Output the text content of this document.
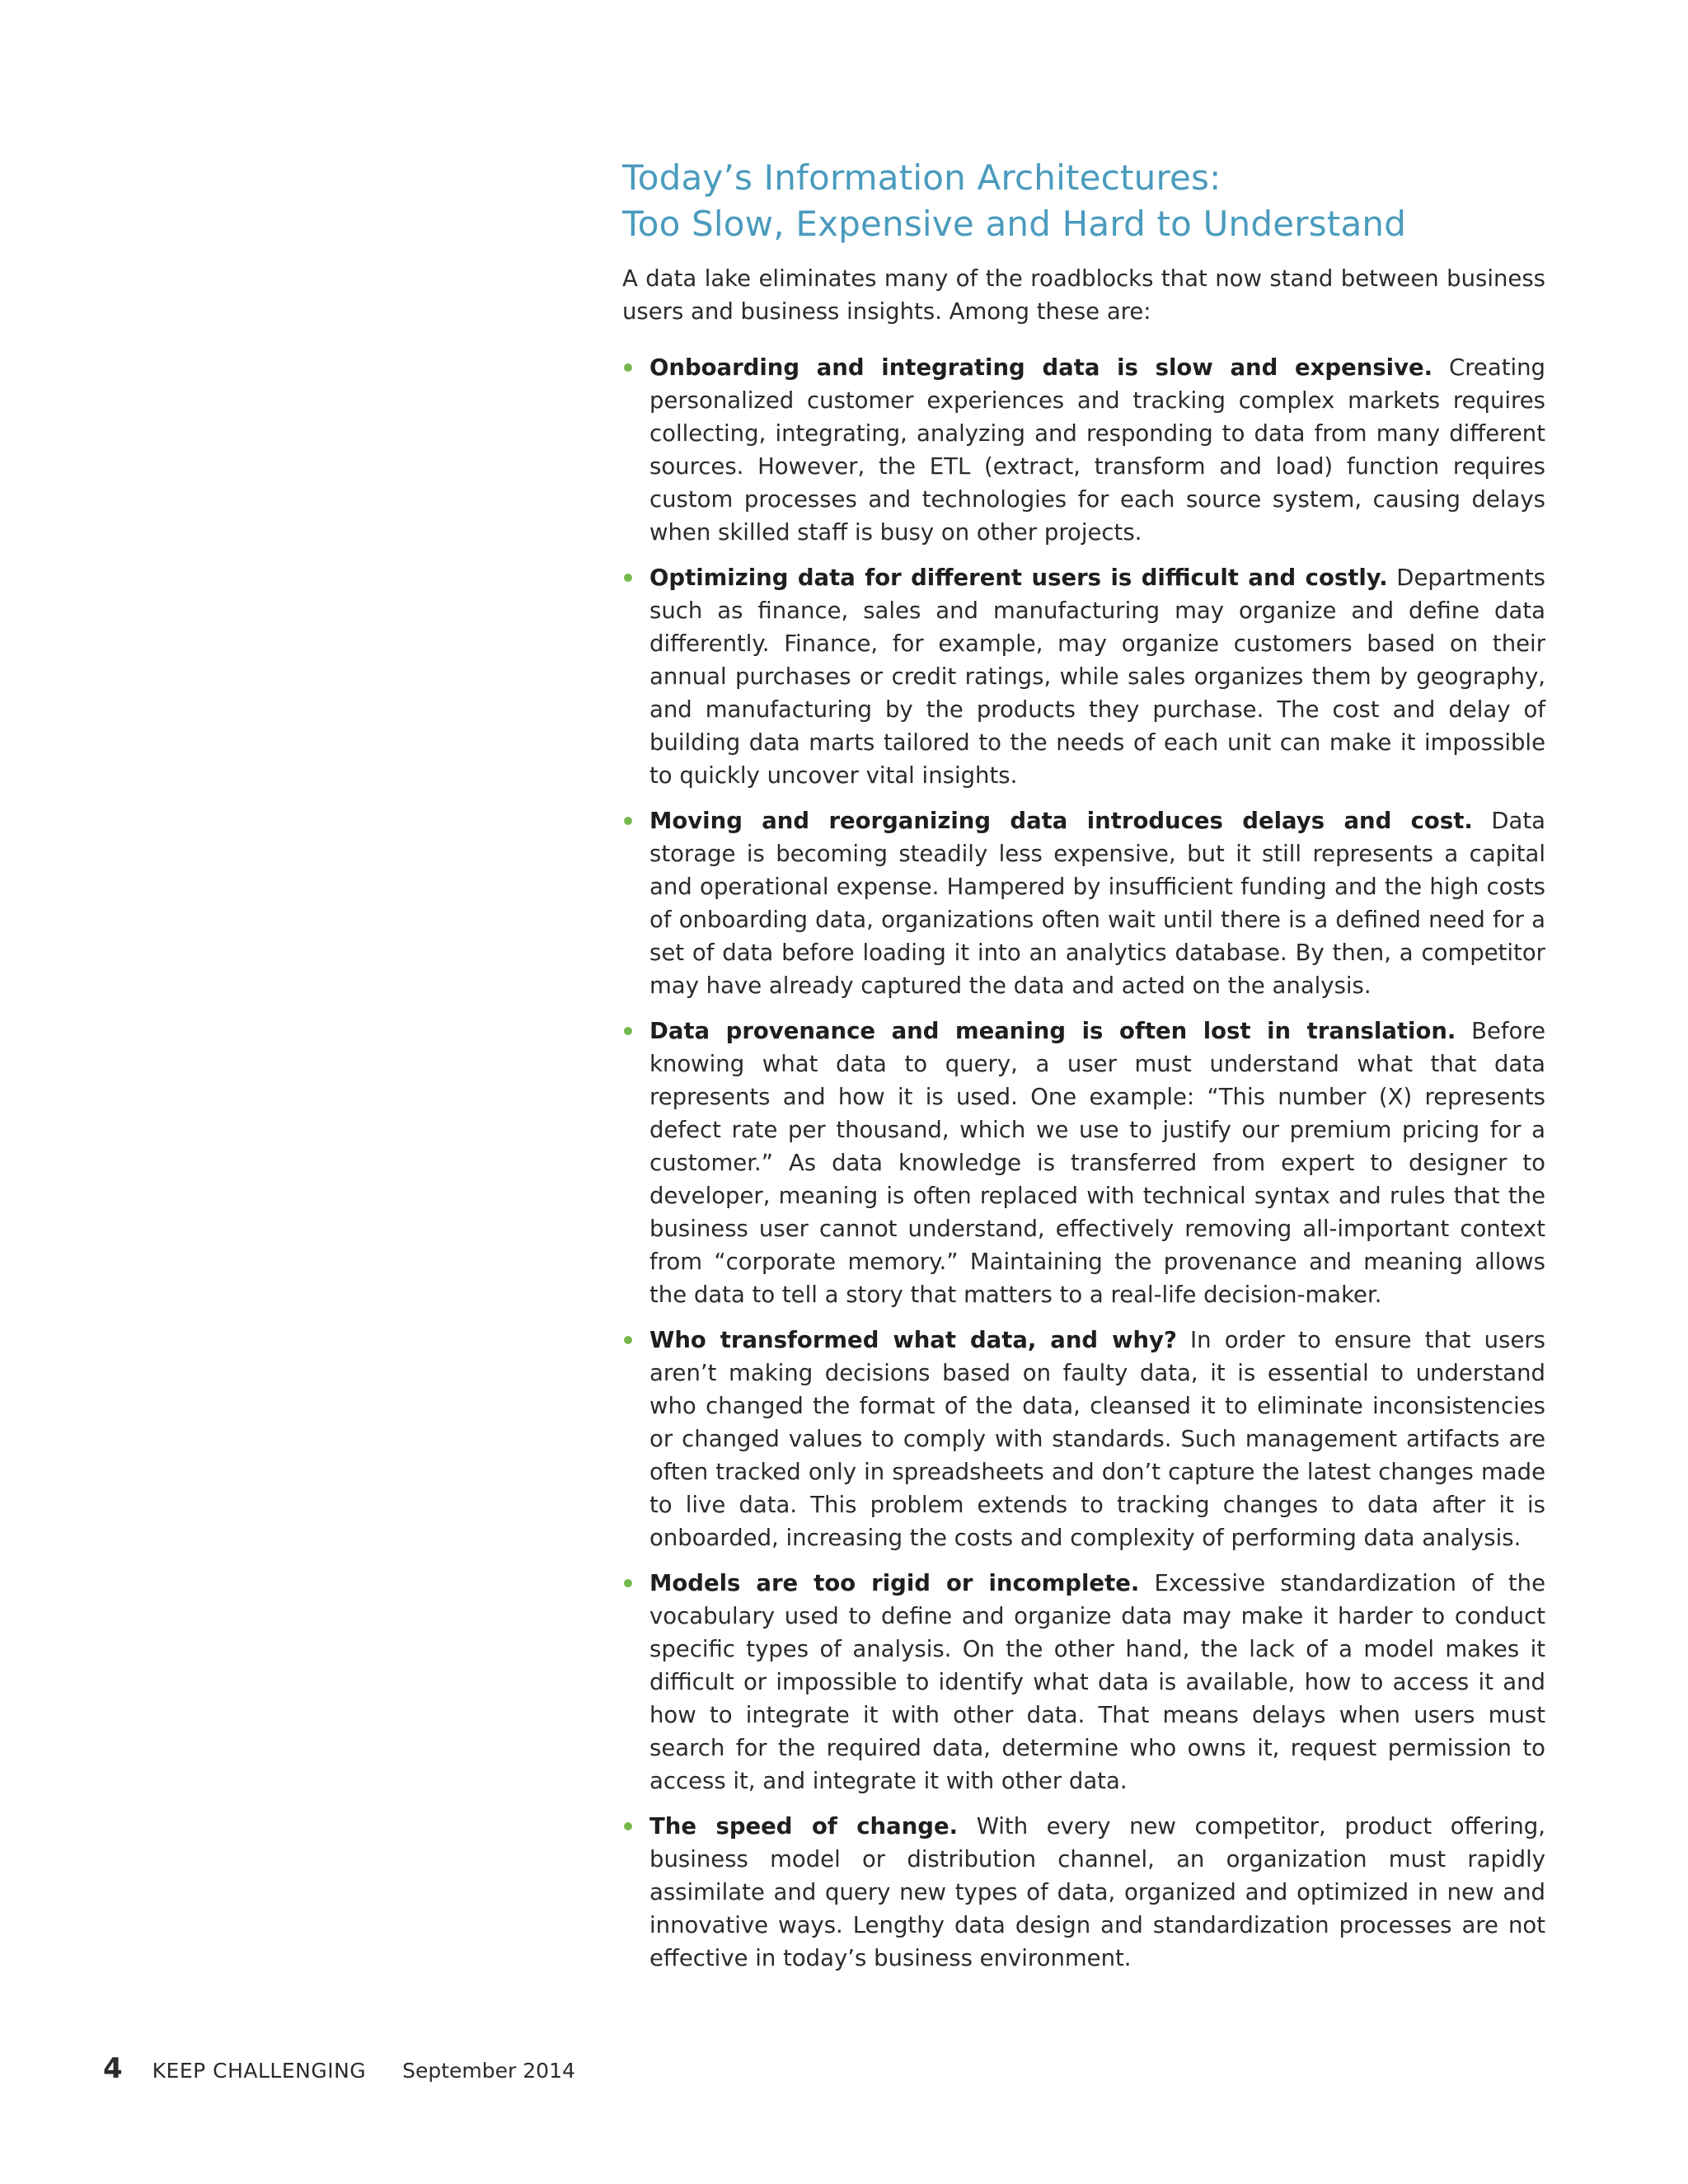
Today’s Information Architectures:
Too Slow, Expensive and Hard to Understand

A data lake eliminates many of the roadblocks that now stand between business users and business insights. Among these are:

Onboarding and integrating data is slow and expensive. Creating personalized customer experiences and tracking complex markets requires collecting, integrating, analyzing and responding to data from many different sources. However, the ETL (extract, transform and load) function requires custom processes and technologies for each source system, causing delays when skilled staff is busy on other projects.
Optimizing data for different users is difficult and costly. Departments such as finance, sales and manufacturing may organize and define data differently. Finance, for example, may organize customers based on their annual purchases or credit ratings, while sales organizes them by geography, and manufacturing by the products they purchase. The cost and delay of building data marts tailored to the needs of each unit can make it impossible to quickly uncover vital insights.
Moving and reorganizing data introduces delays and cost. Data storage is becoming steadily less expensive, but it still represents a capital and operational expense. Hampered by insufficient funding and the high costs of onboarding data, organizations often wait until there is a defined need for a set of data before loading it into an analytics database. By then, a competitor may have already captured the data and acted on the analysis.
Data provenance and meaning is often lost in translation. Before knowing what data to query, a user must understand what that data represents and how it is used. One example: “This number (X) represents defect rate per thousand, which we use to justify our premium pricing for a customer.” As data knowledge is transferred from expert to designer to developer, meaning is often replaced with technical syntax and rules that the business user cannot understand, effectively removing all-important context from “corporate memory.” Maintaining the provenance and meaning allows the data to tell a story that matters to a real-life decision-maker.
Who transformed what data, and why? In order to ensure that users aren’t making decisions based on faulty data, it is essential to understand who changed the format of the data, cleansed it to eliminate inconsistencies or changed values to comply with standards. Such management artifacts are often tracked only in spreadsheets and don’t capture the latest changes made to live data. This problem extends to tracking changes to data after it is onboarded, increasing the costs and complexity of performing data analysis.
Models are too rigid or incomplete. Excessive standardization of the vocabulary used to define and organize data may make it harder to conduct specific types of analysis. On the other hand, the lack of a model makes it difficult or impossible to identify what data is available, how to access it and how to integrate it with other data. That means delays when users must search for the required data, determine who owns it, request permission to access it, and integrate it with other data.
The speed of change. With every new competitor, product offering, business model or distribution channel, an organization must rapidly assimilate and query new types of data, organized and optimized in new and innovative ways. Lengthy data design and standardization processes are not effective in today’s business environment.
4 KEEP CHALLENGING September 2014
